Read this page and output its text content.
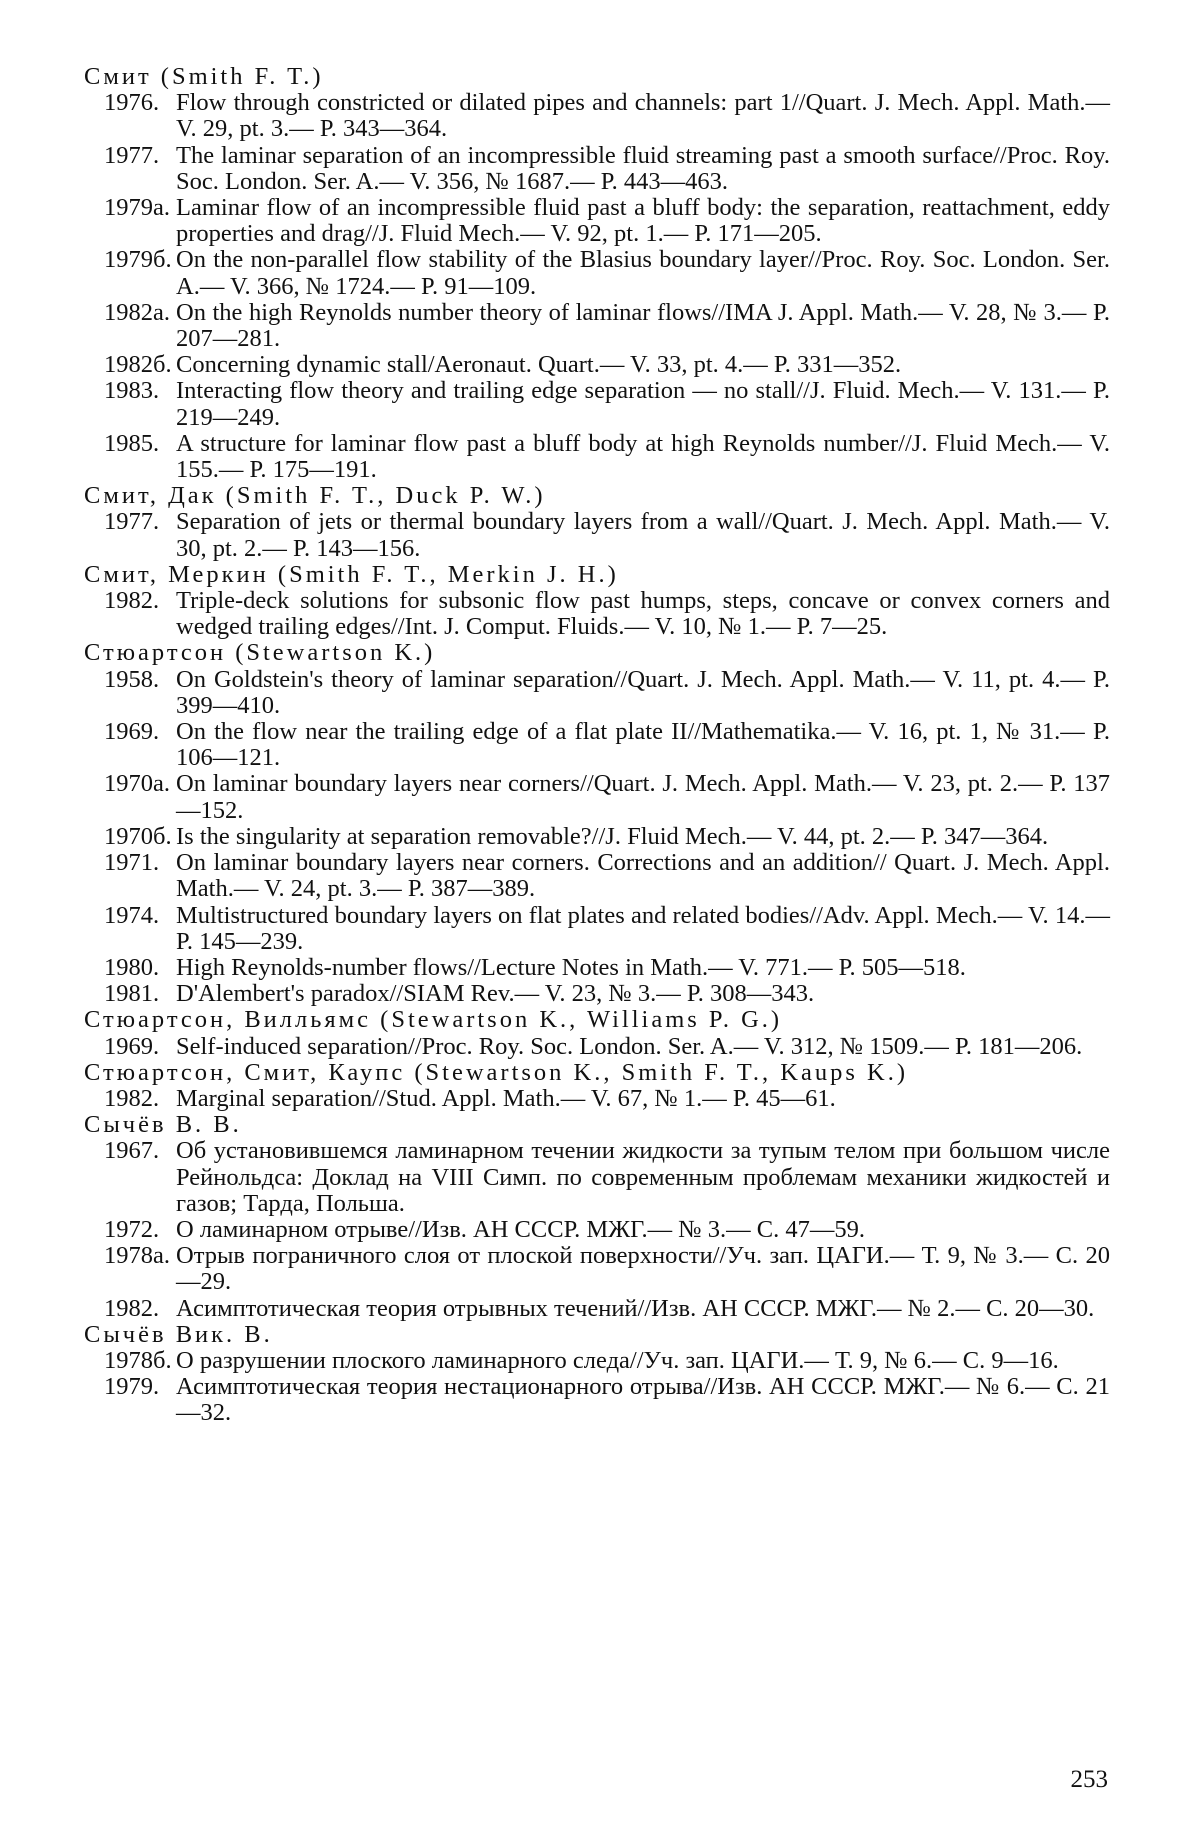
Смит (Smith F. T.)
1976. Flow through constricted or dilated pipes and channels: part 1//Quart. J. Mech. Appl. Math.— V. 29, pt. 3.— P. 343—364.
1977. The laminar separation of an incompressible fluid streaming past a smooth surface//Proc. Roy. Soc. London. Ser. A.— V. 356, № 1687.— P. 443—463.
1979a. Laminar flow of an incompressible fluid past a bluff body: the separation, reattachment, eddy properties and drag//J. Fluid Mech.— V. 92, pt. 1.— P. 171—205.
1979б. On the non-parallel flow stability of the Blasius boundary layer//Proc. Roy. Soc. London. Ser. A.— V. 366, № 1724.— P. 91—109.
1982a. On the high Reynolds number theory of laminar flows//IMA J. Appl. Math.— V. 28, № 3.— P. 207—281.
1982б. Concerning dynamic stall/Aeronaut. Quart.— V. 33, pt. 4.— P. 331—352.
1983. Interacting flow theory and trailing edge separation — no stall//J. Fluid. Mech.— V. 131.— P. 219—249.
1985. A structure for laminar flow past a bluff body at high Reynolds number//J. Fluid Mech.— V. 155.— P. 175—191.
Смит, Дак (Smith F. T., Duck P. W.)
1977. Separation of jets or thermal boundary layers from a wall//Quart. J. Mech. Appl. Math.— V. 30, pt. 2.— P. 143—156.
Смит, Меркин (Smith F. T., Merkin J. H.)
1982. Triple-deck solutions for subsonic flow past humps, steps, concave or convex corners and wedged trailing edges//Int. J. Comput. Fluids.— V. 10, № 1.— P. 7—25.
Стюартсон (Stewartson K.)
1958. On Goldstein's theory of laminar separation//Quart. J. Mech. Appl. Math.— V. 11, pt. 4.— P. 399—410.
1969. On the flow near the trailing edge of a flat plate II//Mathematika.— V. 16, pt. 1, № 31.— P. 106—121.
1970a. On laminar boundary layers near corners//Quart. J. Mech. Appl. Math.— V. 23, pt. 2.— P. 137—152.
1970б. Is the singularity at separation removable?//J. Fluid Mech.— V. 44, pt. 2.— P. 347—364.
1971. On laminar boundary layers near corners. Corrections and an addition// Quart. J. Mech. Appl. Math.— V. 24, pt. 3.— P. 387—389.
1974. Multistructured boundary layers on flat plates and related bodies//Adv. Appl. Mech.— V. 14.— P. 145—239.
1980. High Reynolds-number flows//Lecture Notes in Math.— V. 771.— P. 505—518.
1981. D'Alembert's paradox//SIAM Rev.— V. 23, № 3.— P. 308—343.
Стюартсон, Вилльямс (Stewartson K., Williams P. G.)
1969. Self-induced separation//Proc. Roy. Soc. London. Ser. A.— V. 312, № 1509.— P. 181—206.
Стюартсон, Смит, Каупс (Stewartson K., Smith F. T., Kaups K.)
1982. Marginal separation//Stud. Appl. Math.— V. 67, № 1.— P. 45—61.
Сычёв В. В.
1967. Об установившемся ламинарном течении жидкости за тупым телом при большом числе Рейнольдса: Доклад на VIII Симп. по современным проблемам механики жидкостей и газов; Тарда, Польша.
1972. О ламинарном отрыве//Изв. АН СССР. МЖГ.— № 3.— С. 47—59.
1978a. Отрыв пограничного слоя от плоской поверхности//Уч. зап. ЦАГИ.— Т. 9, № 3.— С. 20—29.
1982. Асимптотическая теория отрывных течений//Изв. АН СССР. МЖГ.— № 2.— С. 20—30.
Сычёв Вик. В.
1978б. О разрушении плоского ламинарного следа//Уч. зап. ЦАГИ.— Т. 9, № 6.— С. 9—16.
1979. Асимптотическая теория нестационарного отрыва//Изв. АН СССР. МЖГ.— № 6.— С. 21—32.
253
